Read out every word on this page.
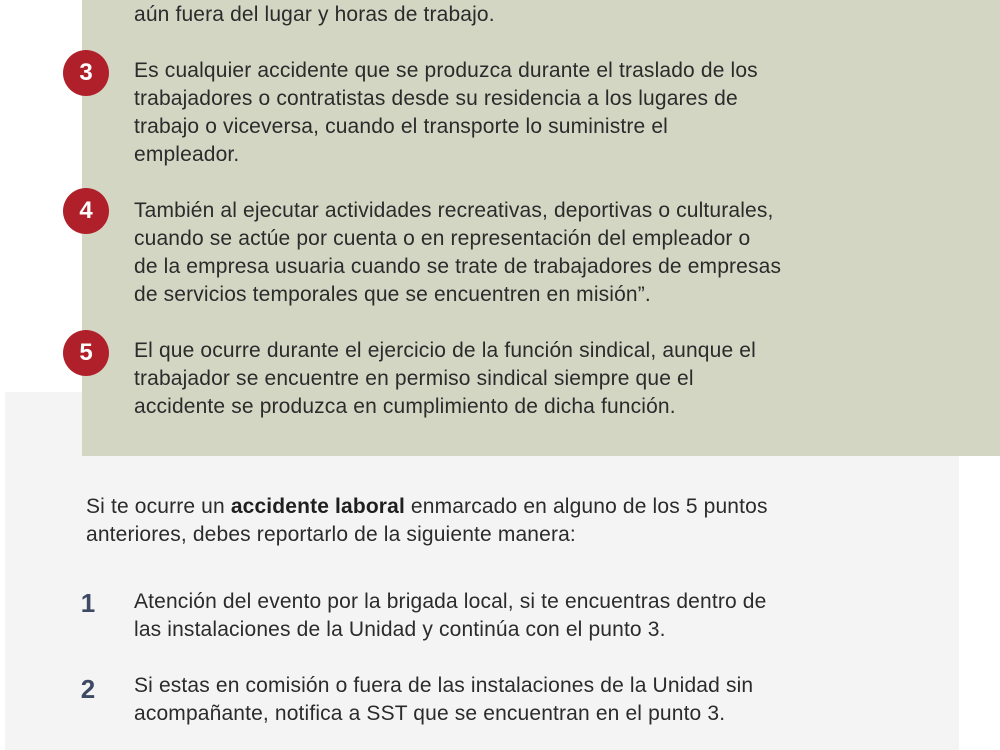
aún fuera del lugar y horas de trabajo.

3	Es cualquier accidente que se produzca durante el traslado de los
trabajadores o contratistas desde su residencia a los lugares de
trabajo o viceversa, cuando el transporte lo suministre el
empleador.

4	También al ejecutar actividades recreativas, deportivas o culturales,
cuando se actúe por cuenta o en representación del empleador o
de la empresa usuaria cuando se trate de trabajadores de empresas
de servicios temporales que se encuentren en misión”.

5	El que ocurre durante el ejercicio de la función sindical, aunque el
trabajador se encuentre en permiso sindical siempre que el
accidente se produzca en cumplimiento de dicha función.

Si te ocurre un accidente laboral enmarcado en alguno de los 5 puntos
anteriores, debes reportarlo de la siguiente manera:

1 Atención del evento por la brigada local, si te encuentras dentro de
las instalaciones de la Unidad y continúa con el punto 3.

2 Si estas en comisión o fuera de las instalaciones de la Unidad sin
acompañante, notifica a SST que se encuentran en el punto 3.
